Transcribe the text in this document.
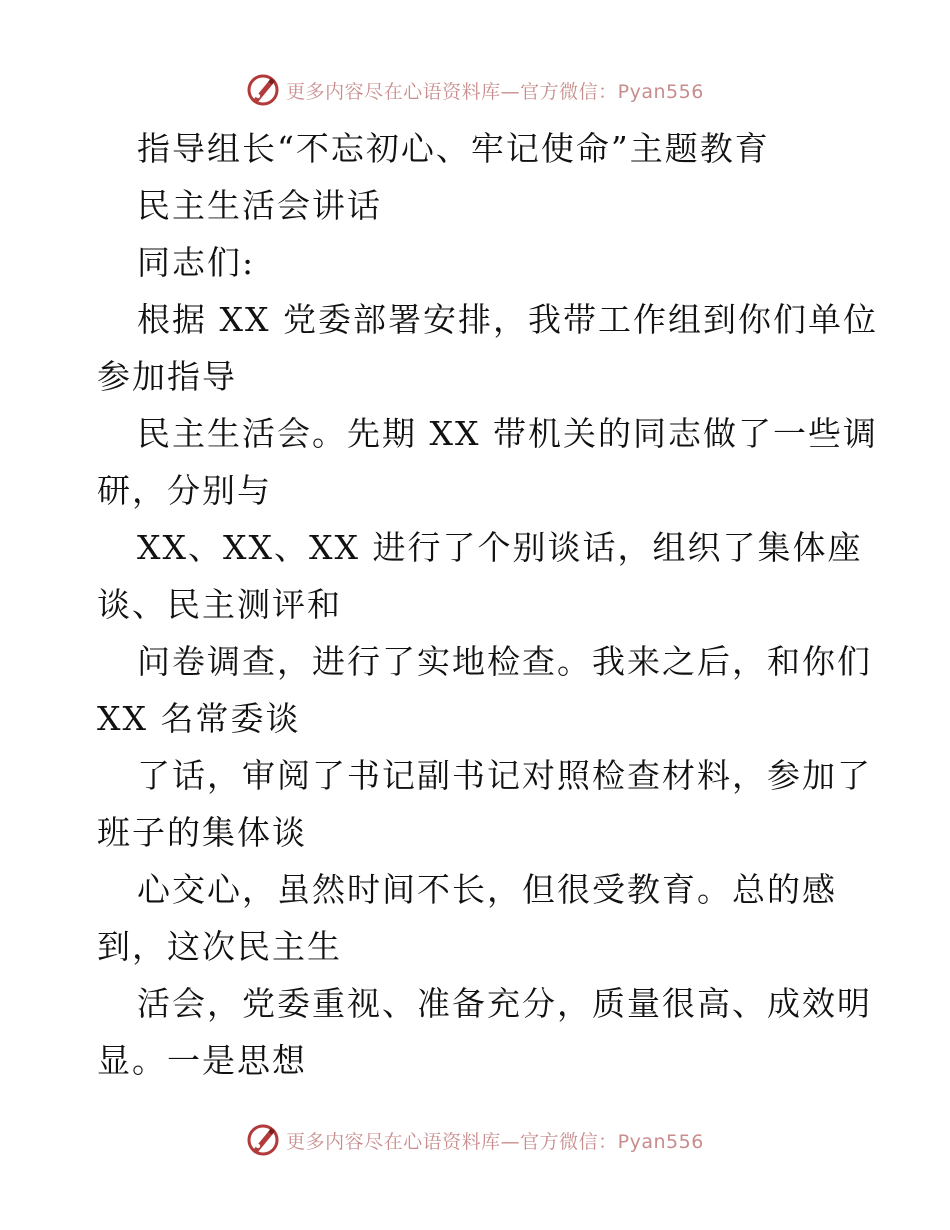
更多内容尽在心语资料库—官方微信：Pyan556
指导组长“不忘初心、牢记使命”主题教育
民主生活会讲话
同志们:
根据 XX 党委部署安排，我带工作组到你们单位
参加指导
民主生活会。先期 XX 带机关的同志做了一些调
研，分别与
XX、XX、XX 进行了个别谈话，组织了集体座
谈、民主测评和
问卷调查，进行了实地检查。我来之后，和你们
XX 名常委谈
了话，审阅了书记副书记对照检查材料，参加了
班子的集体谈
心交心，虽然时间不长，但很受教育。总的感
到，这次民主生
活会，党委重视、准备充分，质量很高、成效明
显。一是思想
更多内容尽在心语资料库—官方微信：Pyan556
